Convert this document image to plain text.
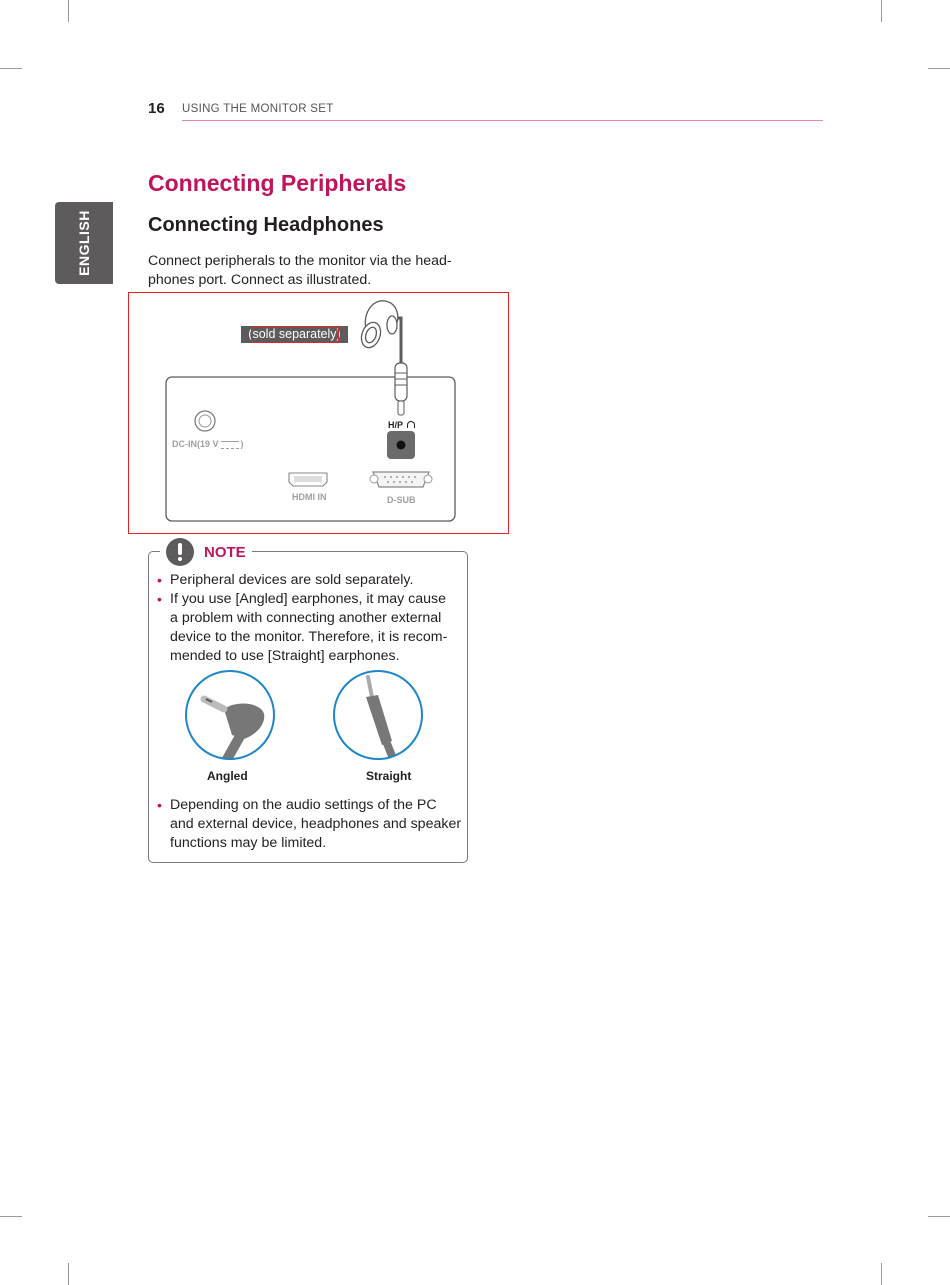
16 USING THE MONITOR SET
ENGLISH
Connecting Peripherals
Connecting Headphones
Connect peripherals to the monitor via the head-
phones port. Connect as illustrated.
(sold separately)
DC-IN(19 V )
HDMI IN	D-SUB
H/P
NOTE
• Peripheral devices are sold separately.
• If you use [Angled] earphones, it may cause
a problem with connecting another external
device to the monitor. Therefore, it is recom-
mended to use [Straight] earphones.
Angled	Straight
• Depending on the audio settings of the PC
and external device, headphones and speaker
functions may be limited.
